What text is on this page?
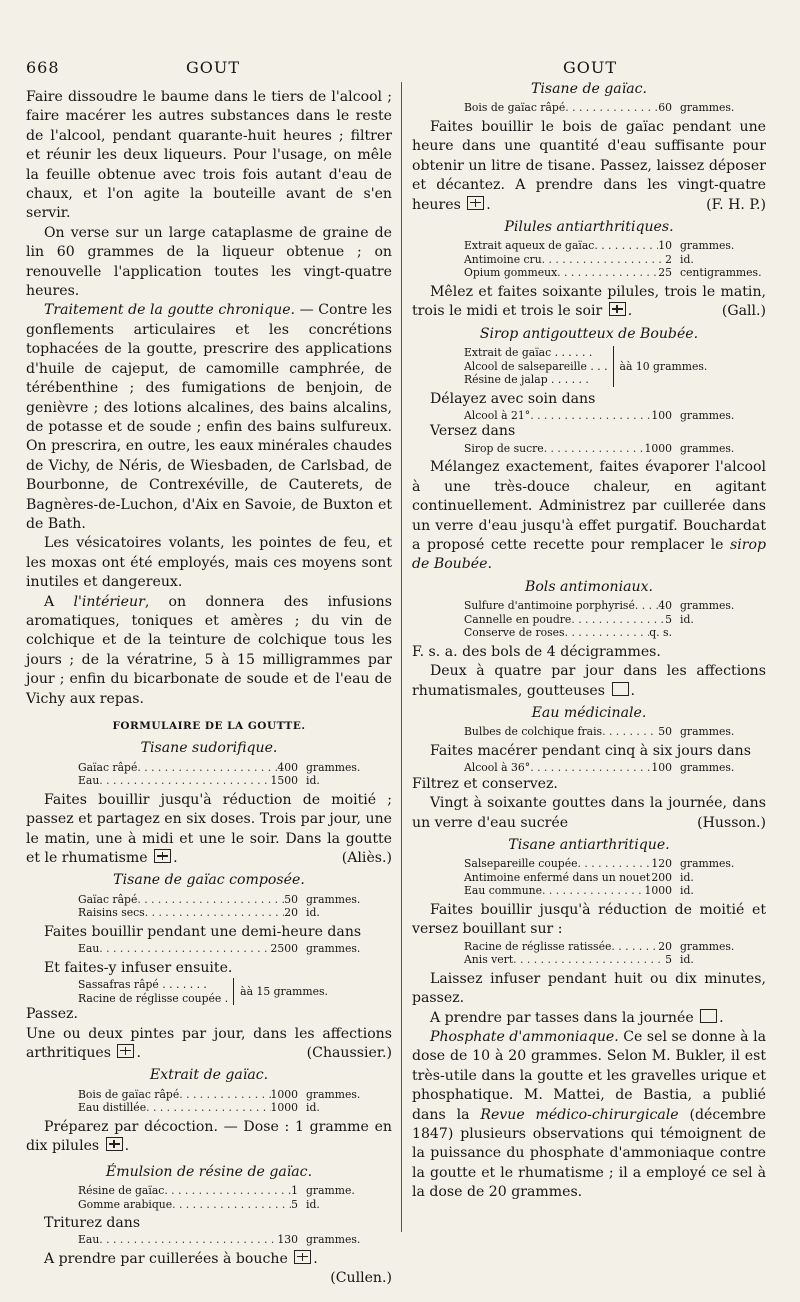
668	GOUT	GOUT

Faire dissoudre le baume dans le tiers de l'alcool ; faire macérer les autres substances dans le reste de l'alcool, pendant quarante-huit heures ; filtrer et réunir les deux liqueurs. Pour l'usage, on mêle la feuille obtenue avec trois fois autant d'eau de chaux, et l'on agite la bouteille avant de s'en servir.

On verse sur un large cataplasme de graine de lin 60 grammes de la liqueur obtenue ; on renouvelle l'application toutes les vingt-quatre heures.

Traitement de la goutte chronique. — Contre les gonflements articulaires et les concrétions tophacées de la goutte, prescrire des applications d'huile de cajeput, de camomille camphrée, de térébenthine ; des fumigations de benjoin, de genièvre ; des lotions alcalines, des bains alcalins, de potasse et de soude ; enfin des bains sulfureux. On prescrira, en outre, les eaux minérales chaudes de Vichy, de Néris, de Wiesbaden, de Carlsbad, de Bourbonne, de Contrexéville, de Cauterets, de Bagnères-de-Luchon, d'Aix en Savoie, de Buxton et de Bath.

Les vésicatoires volants, les pointes de feu, et les moxas ont été employés, mais ces moyens sont inutiles et dangereux.

A l'intérieur, on donnera des infusions aromatiques, toniques et amères ; du vin de colchique et de la teinture de colchique tous les jours ; de la vératrine, 5 à 15 milligrammes par jour ; enfin du bicarbonate de soude et de l'eau de Vichy aux repas.

FORMULAIRE DE LA GOUTTE.
Tisane sudorifique.
Gaïac râpé . . .	400 grammes.
Eau . . .	1500 id.

Faites bouillir jusqu'à réduction de moitié ; passez et partagez en six doses. Trois par jour, une le matin, une à midi et une le soir. Dans la goutte et le rhumatisme .	(Aliès.)

Tisane de gaïac composée.
Gaïac râpé . . .	50 grammes.
Raisins secs . . .	20 id.

Faites bouillir pendant une demi-heure dans

Eau . . .	2500 grammes.

Et faites-y infuser ensuite.

Sassafras râpé . . . . . . .
Racine de réglisse coupée .
àà 15 grammes.

Passez.

Une ou deux pintes par jour, dans les affections arthritiques .	(Chaussier.)

Extrait de gaïac.
Bois de gaïac râpé . . .	1000 grammes.
Eau distillée . . .	1000 id.

Préparez par décoction. — Dose : 1 gramme en dix pilules .

Émulsion de résine de gaïac.
Résine de gaïac . . .	1 gramme.
Gomme arabique . . .	5 id.

Triturez dans

Eau . . .	130 grammes.

A prendre par cuillerées à bouche .
(Cullen.)

Tisane de gaïac.
Bois de gaïac râpé . . .	60 grammes.

Faites bouillir le bois de gaïac pendant une heure dans une quantité d'eau suffisante pour obtenir un litre de tisane. Passez, laissez déposer et décantez. A prendre dans les vingt-quatre heures .	(F. H. P.)

Pilules antiarthritiques.
Extrait aqueux de gaïac . . .	10 grammes.
Antimoine cru . . .	2 id.
Opium gommeux . . .	25 centigrammes.

Mêlez et faites soixante pilules, trois le matin, trois le midi et trois le soir .	(Gall.)

Sirop antigoutteux de Boubée.
Extrait de gaïac . . . . . .
Alcool de salsepareille . . .
Résine de jalap . . . . . .
àà 10 grammes.

Délayez avec soin dans

Alcool à 21° . . .	100 grammes.

Versez dans

Sirop de sucre . . .	1000 grammes.

Mélangez exactement, faites évaporer l'alcool à une très-douce chaleur, en agitant continuellement. Administrez par cuillerée dans un verre d'eau jusqu'à effet purgatif. Bouchardat a proposé cette recette pour remplacer le sirop de Boubée.

Bols antimoniaux.
Sulfure d'antimoine porphyrisé . . . 40 grammes.
Cannelle en poudre . . .	5 id.
Conserve de roses . . .	q. s.

F. s. a. des bols de 4 décigrammes.

Deux à quatre par jour dans les affections rhumatismales, goutteuses .

Eau médicinale.
Bulbes de colchique frais . . .	50 grammes.

Faites macérer pendant cinq à six jours dans

Alcool à 36° . . .	100 grammes.

Filtrez et conservez.

Vingt à soixante gouttes dans la journée, dans un verre d'eau sucrée	(Husson.)

Tisane antiarthritique.
Salsepareille coupée . . .	120 grammes.
Antimoine enfermé dans un nouet . . . 200 id.
Eau commune . . .	1000 id.

Faites bouillir jusqu'à réduction de moitié et versez bouillant sur :

Racine de réglisse ratissée . . .	20 grammes.
Anis vert . . .	5 id.

Laissez infuser pendant huit ou dix minutes, passez.

A prendre par tasses dans la journée .

Phosphate d'ammoniaque. Ce sel se donne à la dose de 10 à 20 grammes. Selon M. Bukler, il est très-utile dans la goutte et les gravelles urique et phosphatique. M. Mattei, de Bastia, a publié dans la Revue médico-chirurgicale (décembre 1847) plusieurs observations qui témoignent de la puissance du phosphate d'ammoniaque contre la goutte et le rhumatisme ; il a employé ce sel à la dose de 20 grammes.
